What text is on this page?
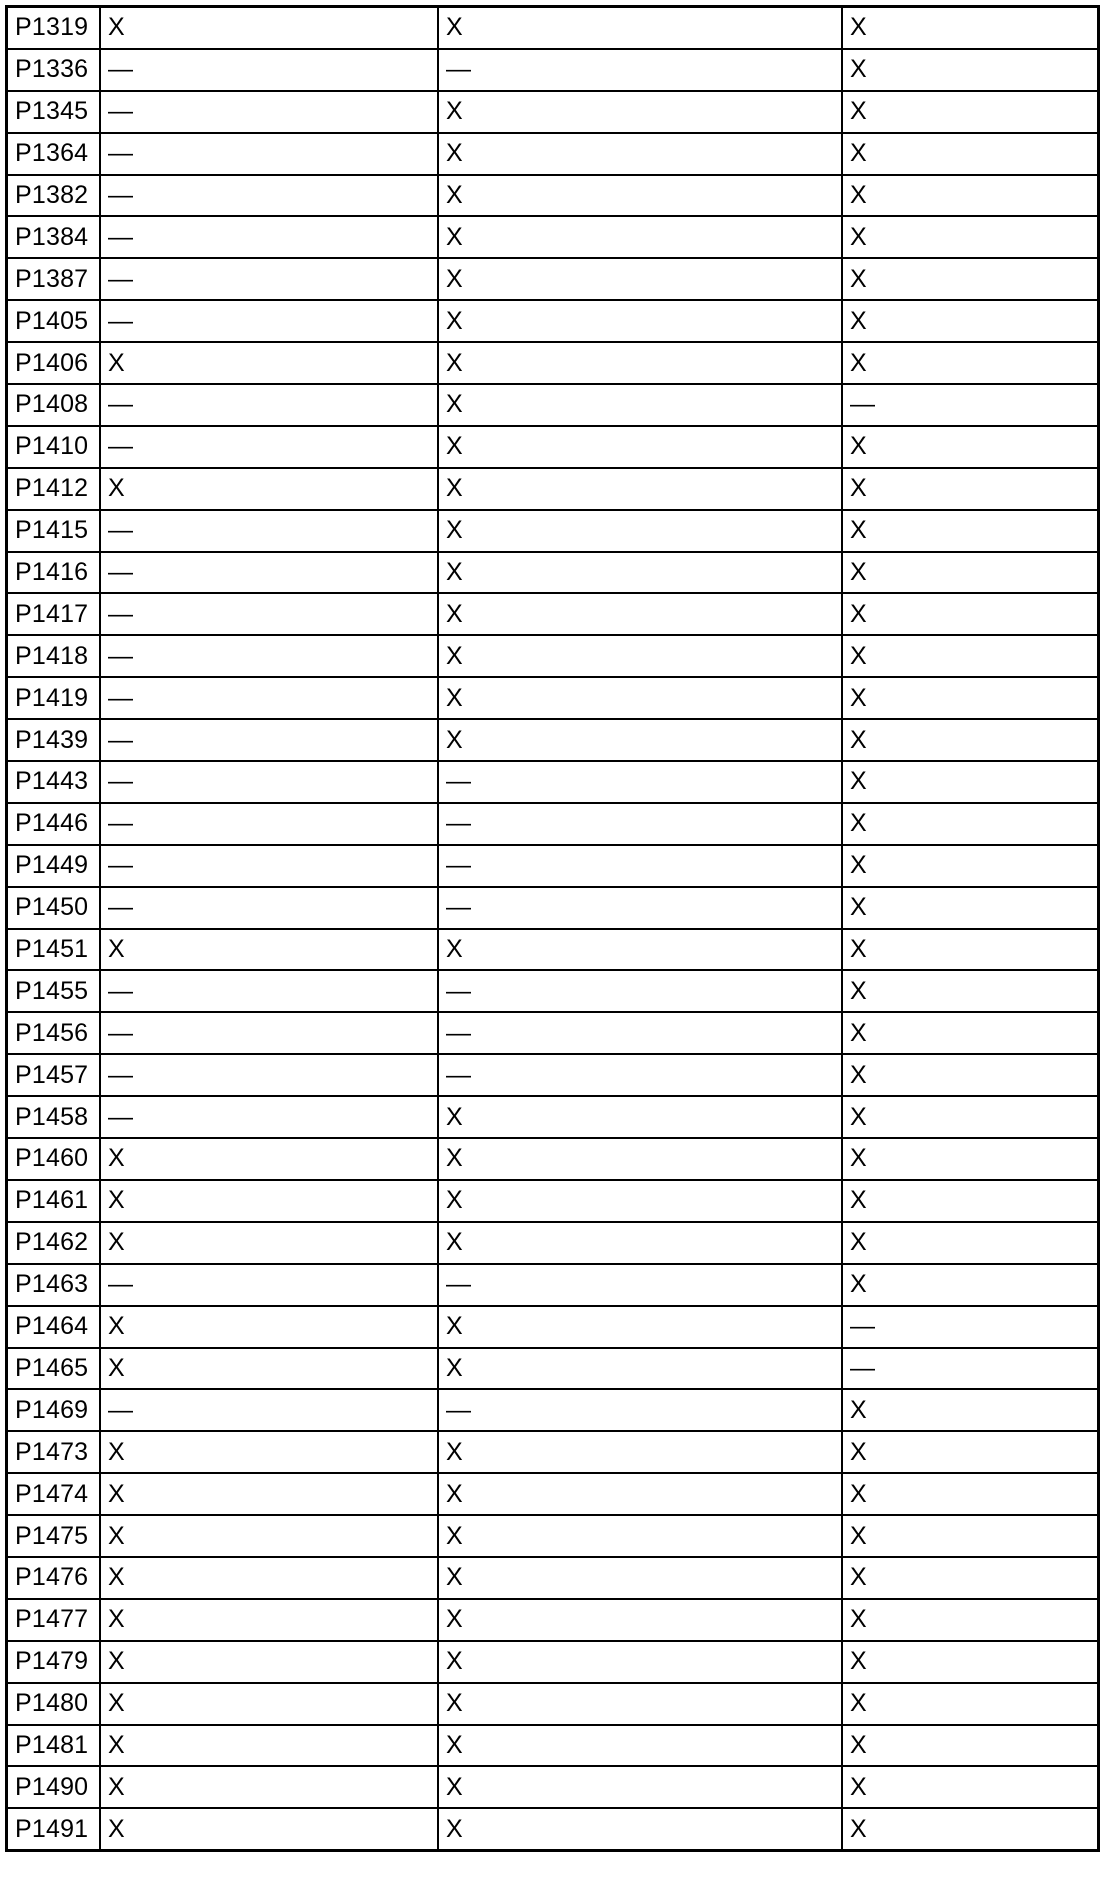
P1319	X	X	X
P1336	—	—	X
P1345	—	X	X
P1364	—	X	X
P1382	—	X	X
P1384	—	X	X
P1387	—	X	X
P1405	—	X	X
P1406	X	X	X
P1408	—	X	—
P1410	—	X	X
P1412	X	X	X
P1415	—	X	X
P1416	—	X	X
P1417	—	X	X
P1418	—	X	X
P1419	—	X	X
P1439	—	X	X
P1443	—	—	X
P1446	—	—	X
P1449	—	—	X
P1450	—	—	X
P1451	X	X	X
P1455	—	—	X
P1456	—	—	X
P1457	—	—	X
P1458	—	X	X
P1460	X	X	X
P1461	X	X	X
P1462	X	X	X
P1463	—	—	X
P1464	X	X	—
P1465	X	X	—
P1469	—	—	X
P1473	X	X	X
P1474	X	X	X
P1475	X	X	X
P1476	X	X	X
P1477	X	X	X
P1479	X	X	X
P1480	X	X	X
P1481	X	X	X
P1490	X	X	X
P1491	X	X	X
